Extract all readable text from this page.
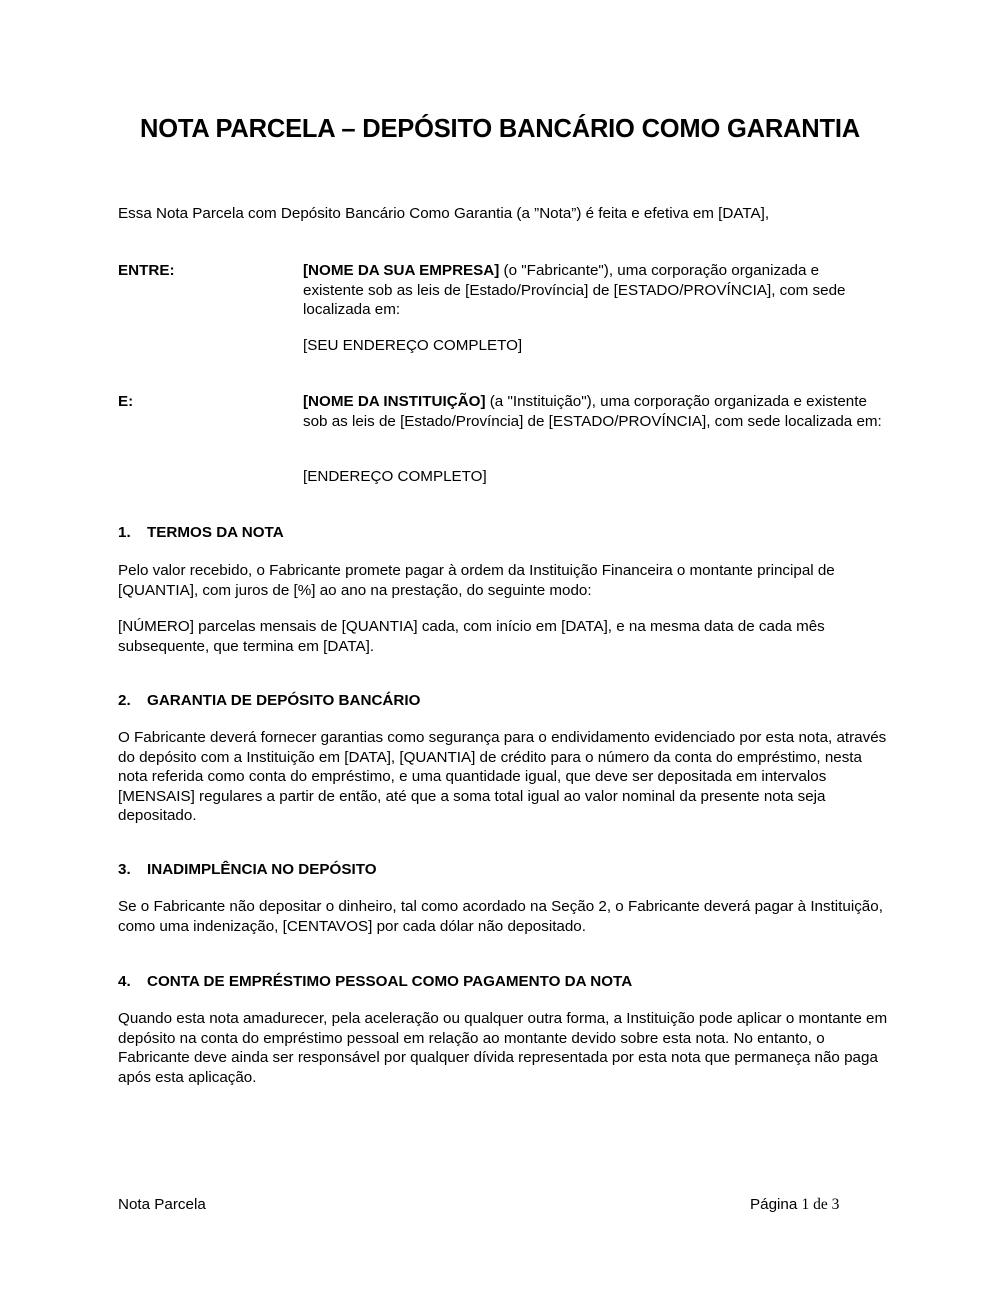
NOTA PARCELA – DEPÓSITO BANCÁRIO COMO GARANTIA
Essa Nota Parcela com Depósito Bancário Como Garantia (a ”Nota”) é feita e efetiva em [DATA],
ENTRE:	[NOME DA SUA EMPRESA] (o "Fabricante"), uma corporação organizada e existente sob as leis de [Estado/Província] de [ESTADO/PROVÍNCIA], com sede localizada em:
[SEU ENDEREÇO COMPLETO]
E:	[NOME DA INSTITUIÇÃO] (a "Instituição"), uma corporação organizada e existente sob as leis de [Estado/Província] de [ESTADO/PROVÍNCIA], com sede localizada em:
[ENDEREÇO COMPLETO]
1. TERMOS DA NOTA
Pelo valor recebido, o Fabricante promete pagar à ordem da Instituição Financeira o montante principal de [QUANTIA], com juros de [%] ao ano na prestação, do seguinte modo:
[NÚMERO] parcelas mensais de [QUANTIA] cada, com início em [DATA], e na mesma data de cada mês subsequente, que termina em [DATA].
2. GARANTIA DE DEPÓSITO BANCÁRIO
O Fabricante deverá fornecer garantias como segurança para o endividamento evidenciado por esta nota, através do depósito com a Instituição em [DATA], [QUANTIA] de crédito para o número da conta do empréstimo, nesta nota referida como conta do empréstimo, e uma quantidade igual, que deve ser depositada em intervalos [MENSAIS] regulares a partir de então, até que a soma total igual ao valor nominal da presente nota seja depositado.
3. INADIMPLÊNCIA NO DEPÓSITO
Se o Fabricante não depositar o dinheiro, tal como acordado na Seção 2, o Fabricante deverá pagar à Instituição, como uma indenização, [CENTAVOS] por cada dólar não depositado.
4. CONTA DE EMPRÉSTIMO PESSOAL COMO PAGAMENTO DA NOTA
Quando esta nota amadurecer, pela aceleração ou qualquer outra forma, a Instituição pode aplicar o montante em depósito na conta do empréstimo pessoal em relação ao montante devido sobre esta nota. No entanto, o Fabricante deve ainda ser responsável por qualquer dívida representada por esta nota que permaneça não paga após esta aplicação.
Nota Parcela	Página 1 de 3
